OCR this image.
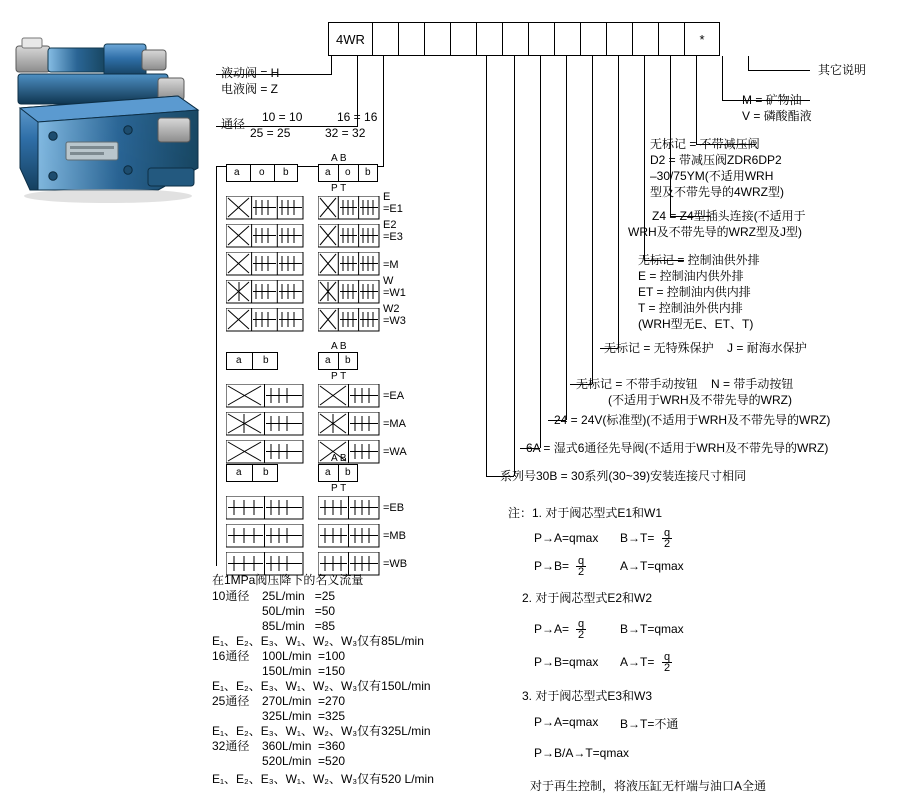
4WR	*
液动阀 = H
电液阀 = Z
通径 10 = 10	16 = 16
25 = 25	32 = 32
其它说明
M = 矿物油
V = 磷酸酯液
无标记 = 不带减压阀
D2 = 带减压阀ZDR6DP2
–30/75YM(不适用WRH
型及不带先导的4WRZ型)
Z4 = Z4型插头连接(不适用于
WRH及不带先导的WRZ型及J型)
无标记 = 控制油供外排
E = 控制油内供外排
ET = 控制油内供内排
T = 控制油外供内排
(WRH型无E、ET、T)
无标记 = 无特殊保护    J = 耐海水保护
无标记 = 不带手动按钮    N = 带手动按钮
(不适用于WRH及不带先导的WRZ)
24 = 24V(标准型)(不适用于WRH及不带先导的WRZ)
6A = 湿式6通径先导阀(不适用于WRH及不带先导的WRZ)
系列号30B = 30系列(30~39)安装连接尺寸相同
a o b
A B
a o b
P T
E
=E1
E2
=E3
=M
W
=W1
W2
=W3
a b
A B
a b
P T
=EA
=MA
=WA
a b
A B
a b
P T
=EB
=MB
=WB
在1MPa阀压降下的名义流量
10通径 25L/min   =25
50L/min   =50
85L/min   =85
E₁、E₂、E₃、W₁、W₂、W₃仅有85L/min
16通径 100L/min  =100
150L/min  =150
E₁、E₂、E₃、W₁、W₂、W₃仅有150L/min
25通径 270L/min  =270
325L/min  =325
E₁、E₂、E₃、W₁、W₂、W₃仅有325L/min
32通径 360L/min  =360
520L/min  =520
E₁、E₂、E₃、W₁、W₂、W₃仅有520 L/min
注：1. 对于阀芯型式E1和W1
P→A=qmax $B\to T= \frac{q}{2}$
$P\to B= \frac{q}{2}$	A→T=qmax
2. 对于阀芯型式E2和W2
$P\to A= \frac{q}{2}$	B→T=qmax
P→B=qmax $A\to T= \frac{q}{2}$
3. 对于阀芯型式E3和W3
P→A=qmax B→T=不通
P→B/A→T=qmax
对于再生控制，将液压缸无杆端与油口A全通
